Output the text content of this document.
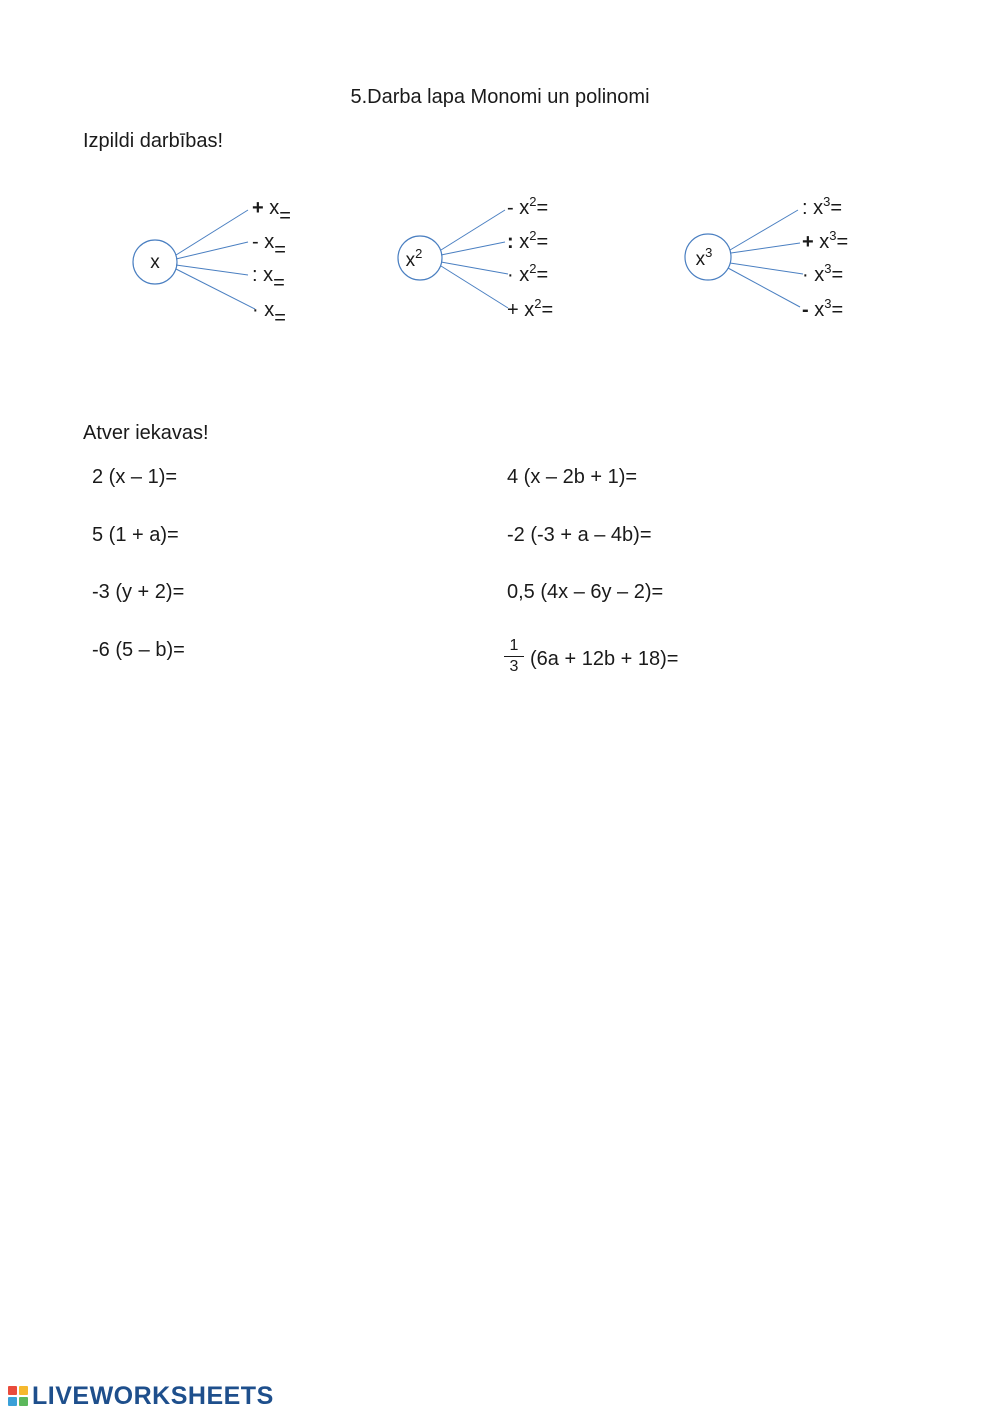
5.Darba lapa Monomi un polinomi
Izpildi darbības!
x
+ x=
- x=
: x=
· x=
$x^2$
- $x^2=$
: $x^2=$
· $x^2=$
+ $x^2=$
$x^3$
: $x^3=$
+ $x^3=$
· $x^3=$
- $x^3=$
Atver iekavas!
2 (x – 1)=
5 (1 + a)=
-3 (y + 2)=
-6 (5 – b)=
4 (x – 2b + 1)=
-2 (-3 + a – 4b)=
0,5 (4x – 6y – 2)=
$\frac{1}{3} (6a + 12b + 18)=$
LIVEWORKSHEETS
